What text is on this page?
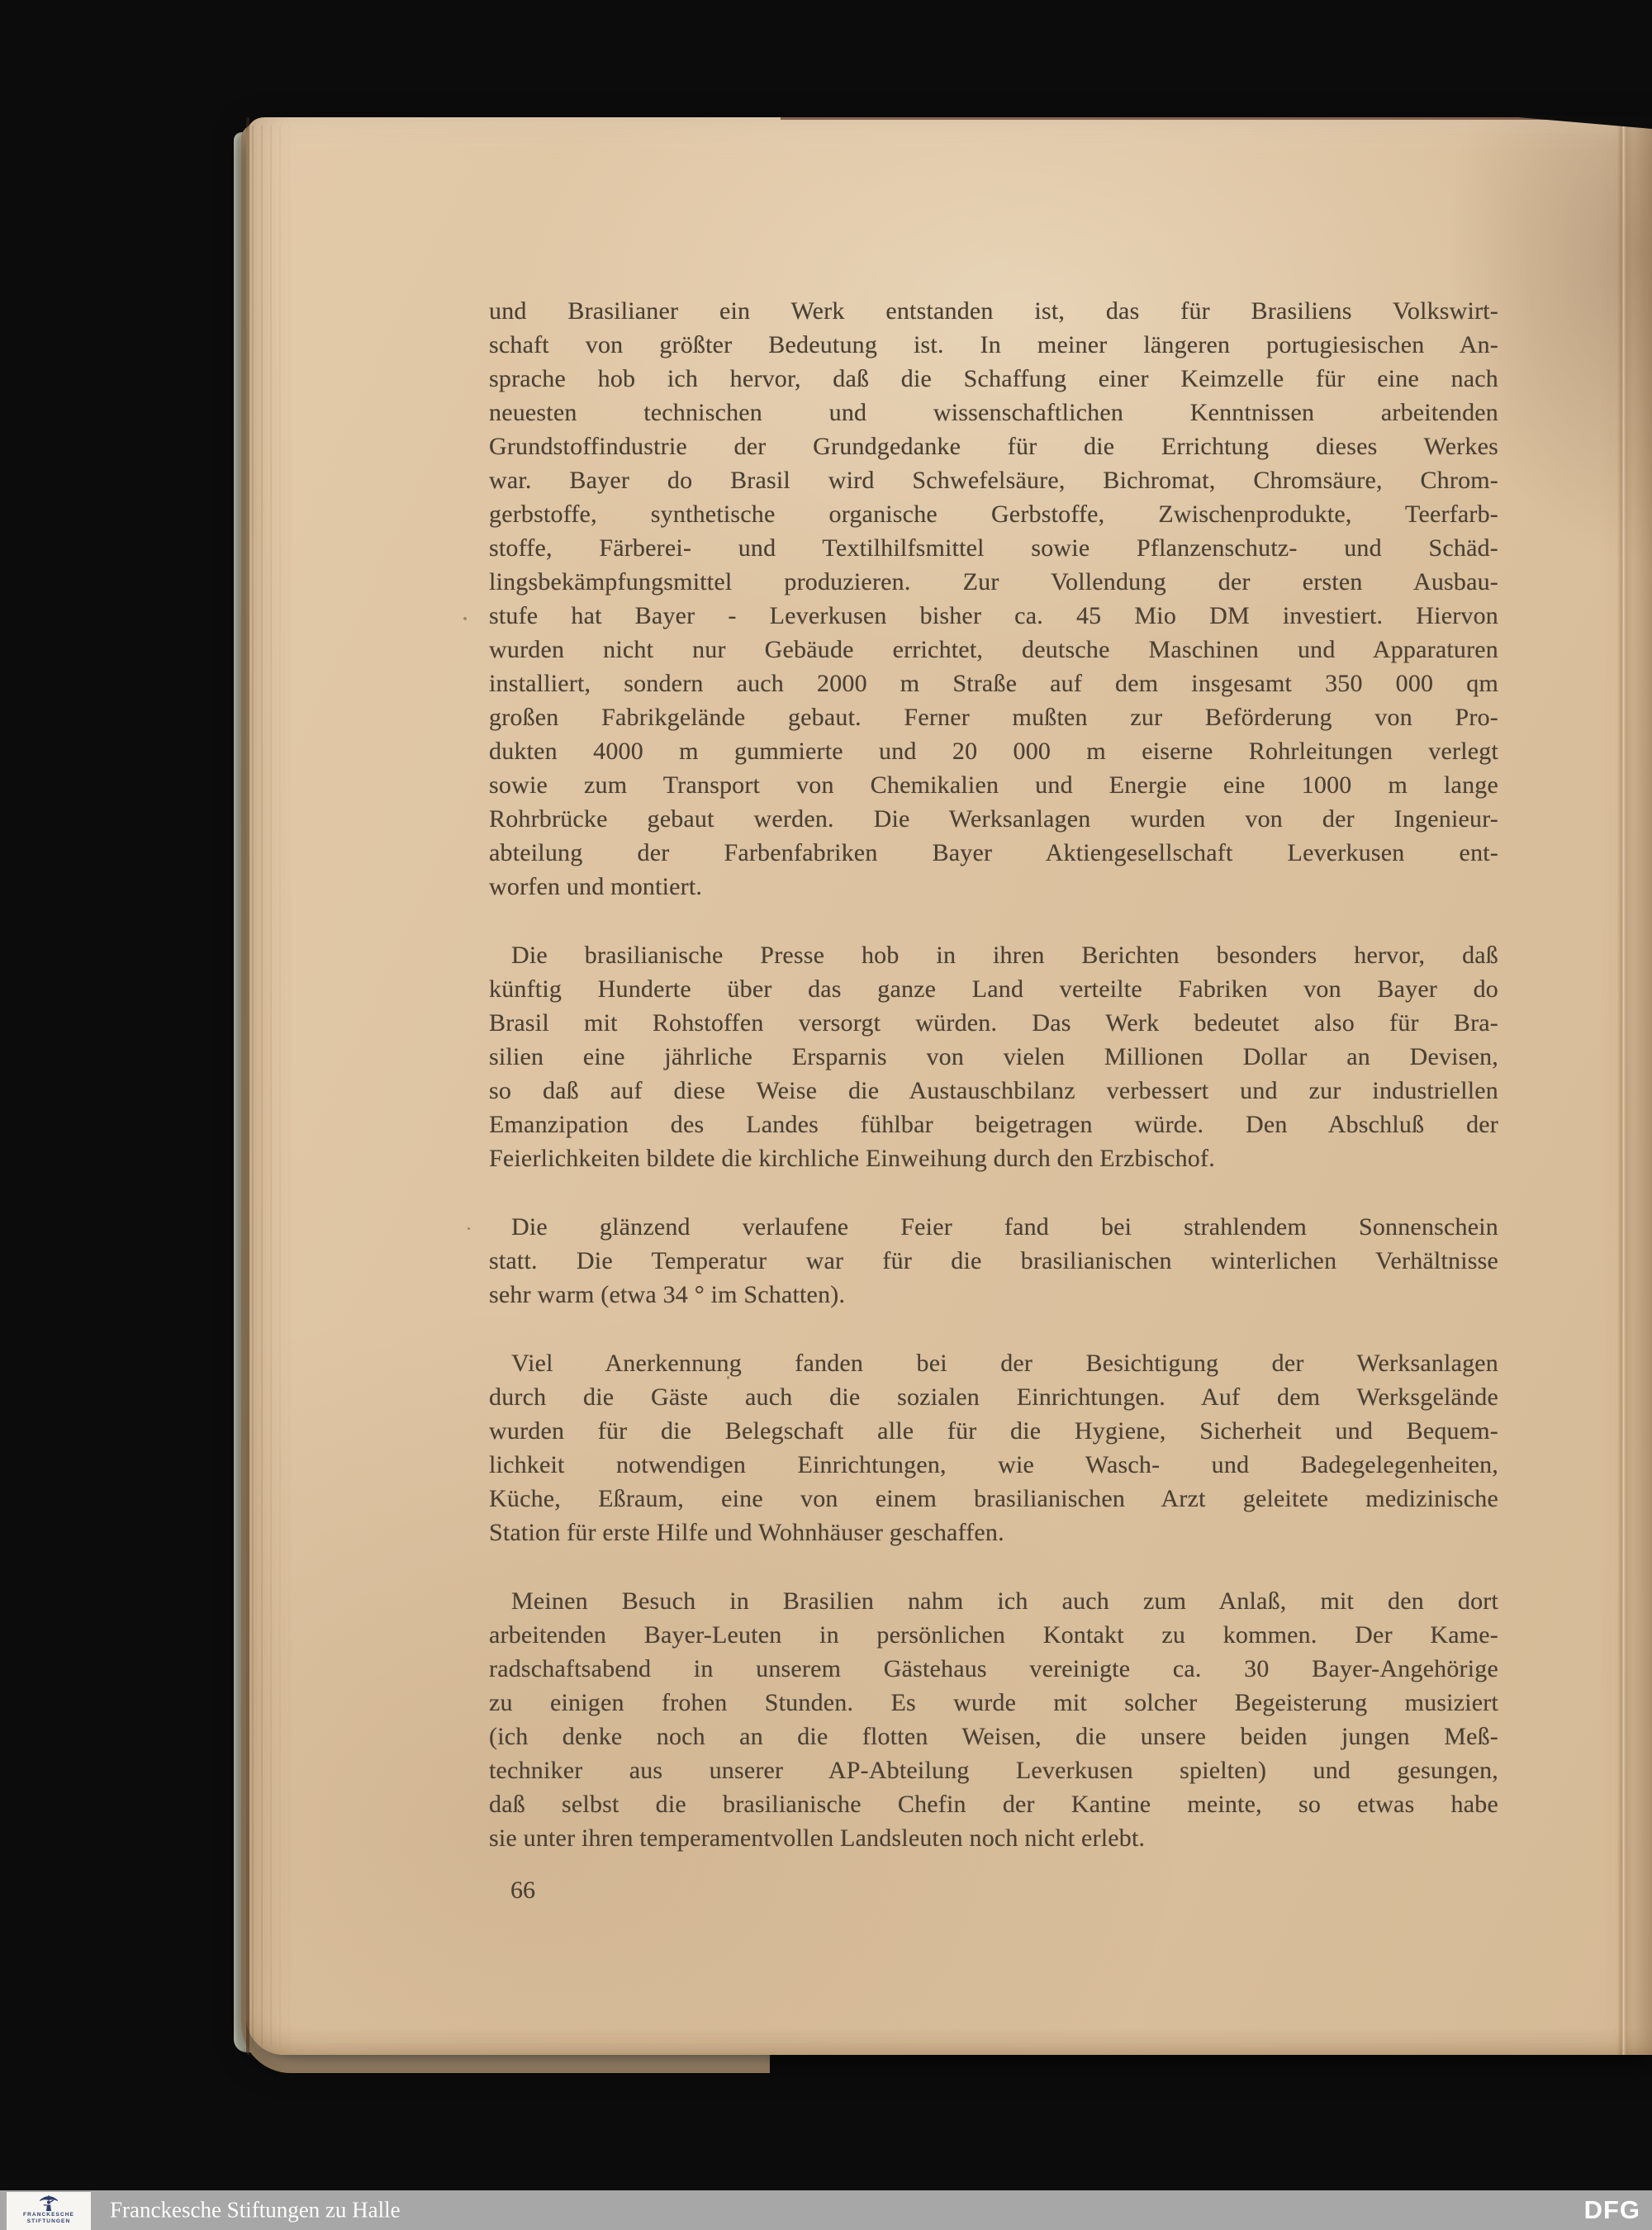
und Brasilianer ein Werk entstanden ist, das für Brasiliens Volkswirt-
schaft von größter Bedeutung ist. In meiner längeren portugiesischen An-
sprache hob ich hervor, daß die Schaffung einer Keimzelle für eine nach
neuesten technischen und wissenschaftlichen Kenntnissen arbeitenden
Grundstoffindustrie der Grundgedanke für die Errichtung dieses Werkes
war. Bayer do Brasil wird Schwefelsäure, Bichromat, Chromsäure, Chrom-
gerbstoffe, synthetische organische Gerbstoffe, Zwischenprodukte, Teerfarb-
stoffe, Färberei- und Textilhilfsmittel sowie Pflanzenschutz- und Schäd-
lingsbekämpfungsmittel produzieren. Zur Vollendung der ersten Ausbau-
stufe hat Bayer - Leverkusen bisher ca. 45 Mio DM investiert. Hiervon
wurden nicht nur Gebäude errichtet, deutsche Maschinen und Apparaturen
installiert, sondern auch 2000 m Straße auf dem insgesamt 350 000 qm
großen Fabrikgelände gebaut. Ferner mußten zur Beförderung von Pro-
dukten 4000 m gummierte und 20 000 m eiserne Rohrleitungen verlegt
sowie zum Transport von Chemikalien und Energie eine 1000 m lange
Rohrbrücke gebaut werden. Die Werksanlagen wurden von der Ingenieur-
abteilung der Farbenfabriken Bayer Aktiengesellschaft Leverkusen ent-
worfen und montiert.
Die brasilianische Presse hob in ihren Berichten besonders hervor, daß
künftig Hunderte über das ganze Land verteilte Fabriken von Bayer do
Brasil mit Rohstoffen versorgt würden. Das Werk bedeutet also für Bra-
silien eine jährliche Ersparnis von vielen Millionen Dollar an Devisen,
so daß auf diese Weise die Austauschbilanz verbessert und zur industriellen
Emanzipation des Landes fühlbar beigetragen würde. Den Abschluß der
Feierlichkeiten bildete die kirchliche Einweihung durch den Erzbischof.
Die glänzend verlaufene Feier fand bei strahlendem Sonnenschein
statt. Die Temperatur war für die brasilianischen winterlichen Verhältnisse
sehr warm (etwa 34 ° im Schatten).
Viel Anerkennung fanden bei der Besichtigung der Werksanlagen
durch die Gäste auch die sozialen Einrichtungen. Auf dem Werksgelände
wurden für die Belegschaft alle für die Hygiene, Sicherheit und Bequem-
lichkeit notwendigen Einrichtungen, wie Wasch- und Badegelegenheiten,
Küche, Eßraum, eine von einem brasilianischen Arzt geleitete medizinische
Station für erste Hilfe und Wohnhäuser geschaffen.
Meinen Besuch in Brasilien nahm ich auch zum Anlaß, mit den dort
arbeitenden Bayer-Leuten in persönlichen Kontakt zu kommen. Der Kame-
radschaftsabend in unserem Gästehaus vereinigte ca. 30 Bayer-Angehörige
zu einigen frohen Stunden. Es wurde mit solcher Begeisterung musiziert
(ich denke noch an die flotten Weisen, die unsere beiden jungen Meß-
techniker aus unserer AP-Abteilung Leverkusen spielten) und gesungen,
daß selbst die brasilianische Chefin der Kantine meinte, so etwas habe
sie unter ihren temperamentvollen Landsleuten noch nicht erlebt.
66
FRANCKESCHE
STIFTUNGEN	Franckesche Stiftungen zu Halle	DFG
